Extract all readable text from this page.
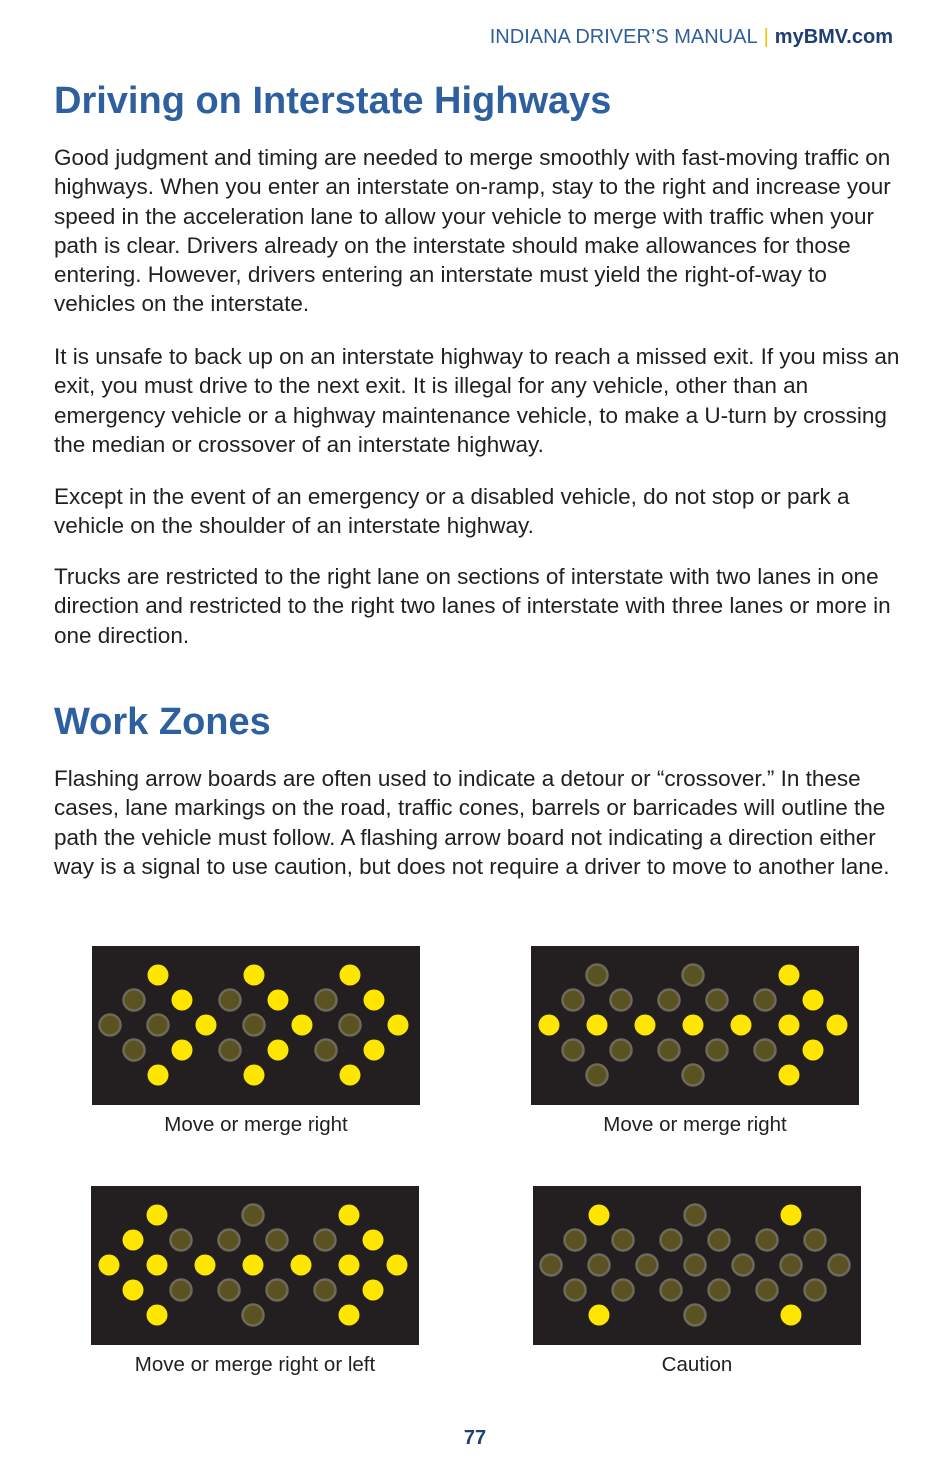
INDIANA DRIVER’S MANUAL | myBMV.com
Driving on Interstate Highways

Good judgment and timing are needed to merge smoothly with fast-moving traffic on highways. When you enter an interstate on-ramp, stay to the right and increase your speed in the acceleration lane to allow your vehicle to merge with traffic when your path is clear. Drivers already on the interstate should make allowances for those entering. However, drivers entering an interstate must yield the right-of-way to vehicles on the interstate.

It is unsafe to back up on an interstate highway to reach a missed exit. If you miss an exit, you must drive to the next exit. It is illegal for any vehicle, other than an emergency vehicle or a highway maintenance vehicle, to make a U-turn by crossing the median or crossover of an interstate highway.

Except in the event of an emergency or a disabled vehicle, do not stop or park a vehicle on the shoulder of an interstate highway.

Trucks are restricted to the right lane on sections of interstate with two lanes in one direction and restricted to the right two lanes of interstate with three lanes or more in one direction.

Work Zones

Flashing arrow boards are often used to indicate a detour or “crossover.” In these cases, lane markings on the road, traffic cones, barrels or barricades will outline the path the vehicle must follow. A flashing arrow board not indicating a direction either way is a signal to use caution, but does not require a driver to move to another lane.

Move or merge right	Move or merge right
Move or merge right or left	Caution
77
